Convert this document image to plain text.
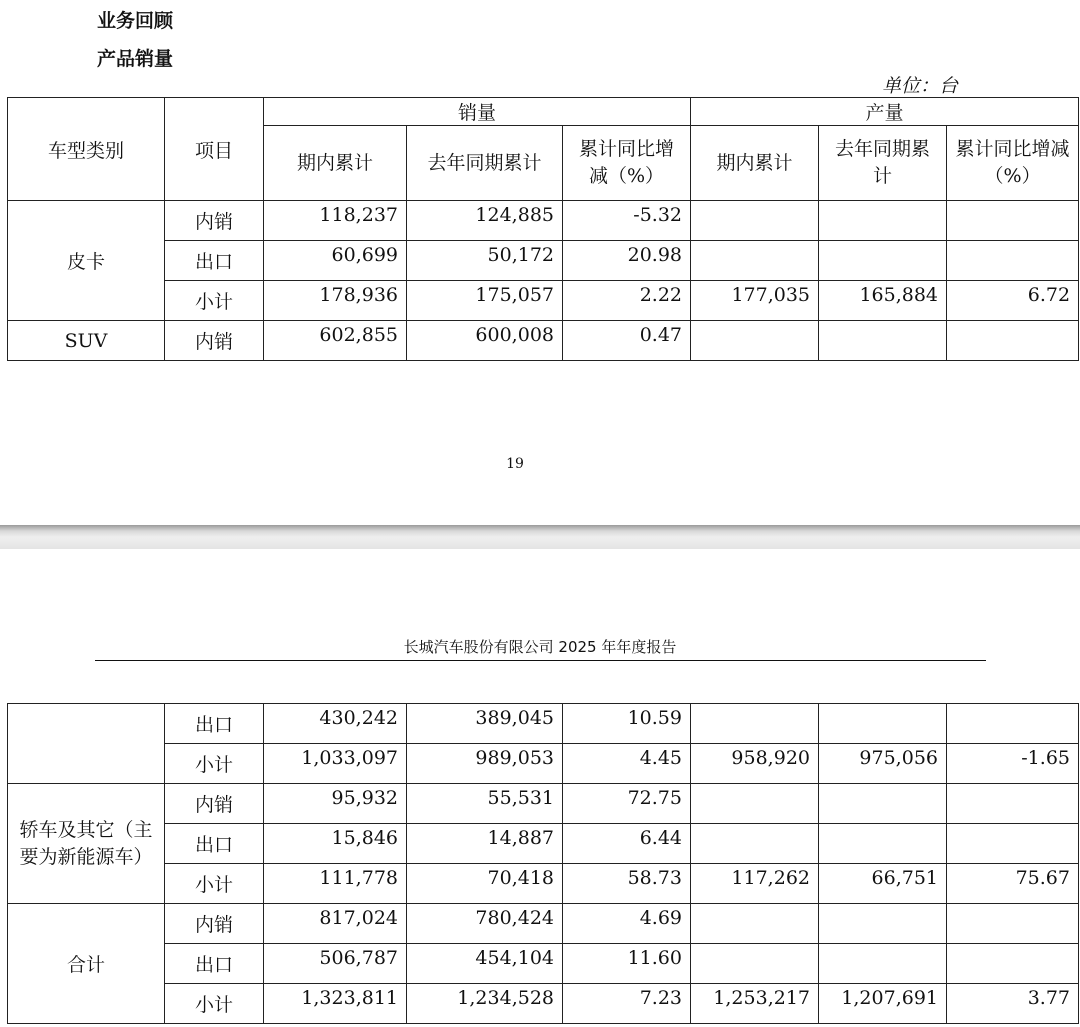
业务回顾
产品销量
单位：台
车型类别	项目	销量			产量		
		期内累计	去年同期累计	累计同比增减（%）	期内累计	去年同期累计	累计同比增减（%）
皮卡	内销	118,237	124,885	-5.32			
	出口	60,699	50,172	20.98			
	小计	178,936	175,057	2.22	177,035	165,884	6.72
SUV	内销	602,855	600,008	0.47			
19
长城汽车股份有限公司 2025 年年度报告
	出口	430,242	389,045	10.59			
	小计	1,033,097	989,053	4.45	958,920	975,056	-1.65
轿车及其它（主要为新能源车）	内销	95,932	55,531	72.75			
	出口	15,846	14,887	6.44			
	小计	111,778	70,418	58.73	117,262	66,751	75.67
合计	内销	817,024	780,424	4.69			
	出口	506,787	454,104	11.60			
	小计	1,323,811	1,234,528	7.23	1,253,217	1,207,691	3.77
